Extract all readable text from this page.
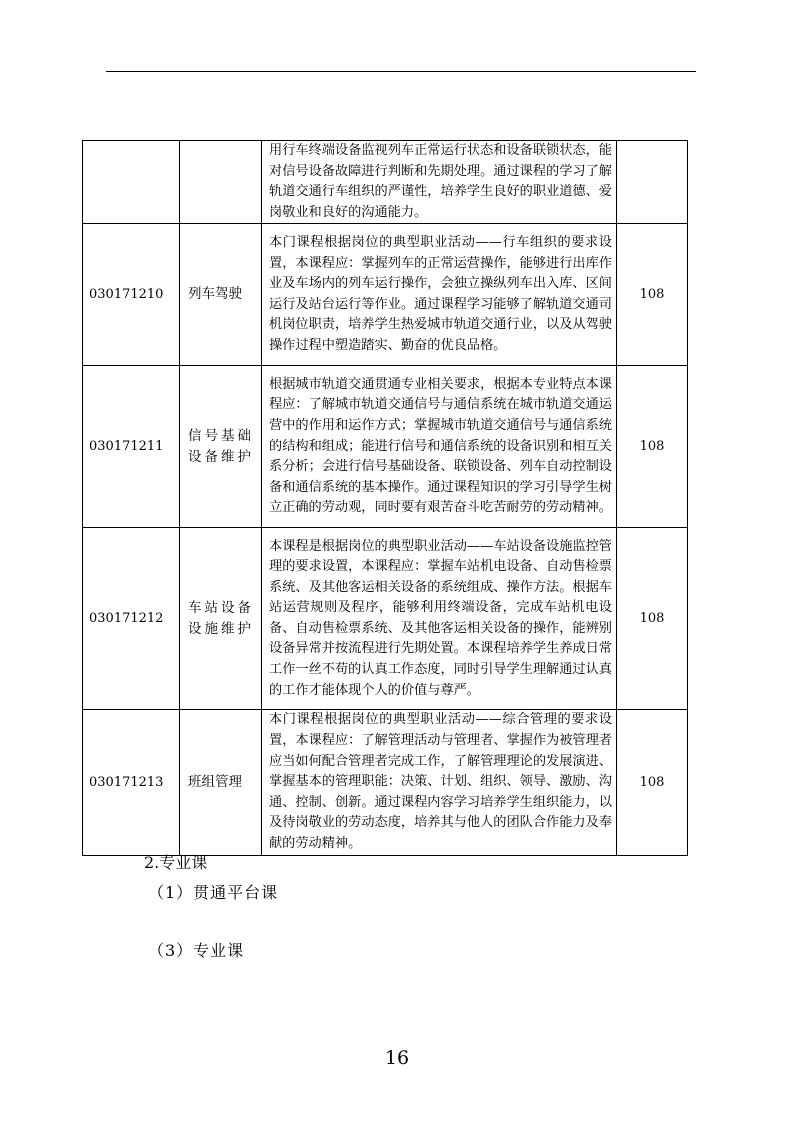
		用行车终端设备监视列车正常运行状态和设备联锁状态，能对信号设备故障进行判断和先期处理。通过课程的学习了解轨道交通行车组织的严谨性，培养学生良好的职业道德、爱岗敬业和良好的沟通能力。	
030171210	列车驾驶	本门课程根据岗位的典型职业活动——行车组织的要求设置，本课程应：掌握列车的正常运营操作，能够进行出库作业及车场内的列车运行操作，会独立操纵列车出入库、区间运行及站台运行等作业。通过课程学习能够了解轨道交通司机岗位职责，培养学生热爱城市轨道交通行业，以及从驾驶操作过程中塑造踏实、勤奋的优良品格。	108
030171211	信号基础设备维护	根据城市轨道交通贯通专业相关要求，根据本专业特点本课程应：了解城市轨道交通信号与通信系统在城市轨道交通运营中的作用和运作方式；掌握城市轨道交通信号与通信系统的结构和组成；能进行信号和通信系统的设备识别和相互关系分析；会进行信号基础设备、联锁设备、列车自动控制设备和通信系统的基本操作。通过课程知识的学习引导学生树立正确的劳动观，同时要有艰苦奋斗吃苦耐劳的劳动精神。	108
030171212	车站设备设施维护	本课程是根据岗位的典型职业活动——车站设备设施监控管理的要求设置，本课程应：掌握车站机电设备、自动售检票系统、及其他客运相关设备的系统组成、操作方法。根据车站运营规则及程序，能够利用终端设备，完成车站机电设备、自动售检票系统、及其他客运相关设备的操作，能辨别设备异常并按流程进行先期处置。本课程培养学生养成日常工作一丝不苟的认真工作态度，同时引导学生理解通过认真的工作才能体现个人的价值与尊严。	108
030171213	班组管理	本门课程根据岗位的典型职业活动——综合管理的要求设置，本课程应：了解管理活动与管理者、掌握作为被管理者应当如何配合管理者完成工作，了解管理理论的发展演进、掌握基本的管理职能：决策、计划、组织、领导、激励、沟通、控制、创新。通过课程内容学习培养学生组织能力，以及待岗敬业的劳动态度，培养其与他人的团队合作能力及奉献的劳动精神。	108
2.专业课
（1）贯通平台课
（3）专业课
16
